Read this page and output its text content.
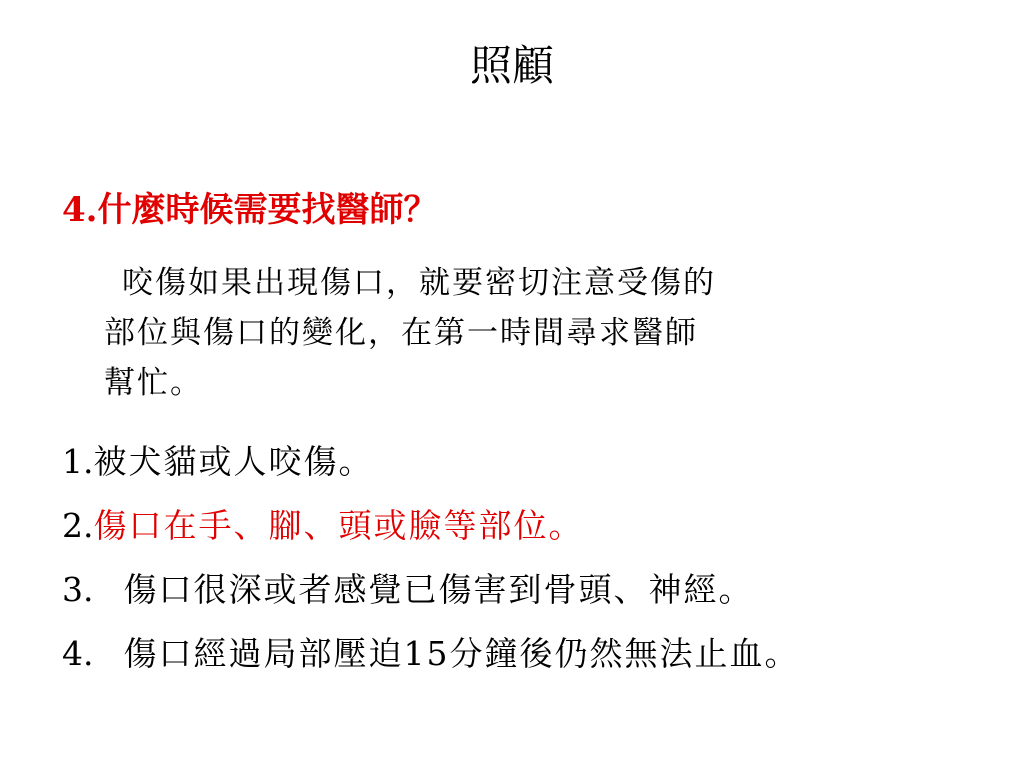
照顧
4.什麼時候需要找醫師？
咬傷如果出現傷口，就要密切注意受傷的
部位與傷口的變化，在第一時間尋求醫師
幫忙。
1. 被犬貓或人咬傷。
2. 傷口在手、腳、頭或臉等部位。
3. 傷口很深或者感覺已傷害到骨頭、神經。
4. 傷口經過局部壓迫15分鐘後仍然無法止血。
